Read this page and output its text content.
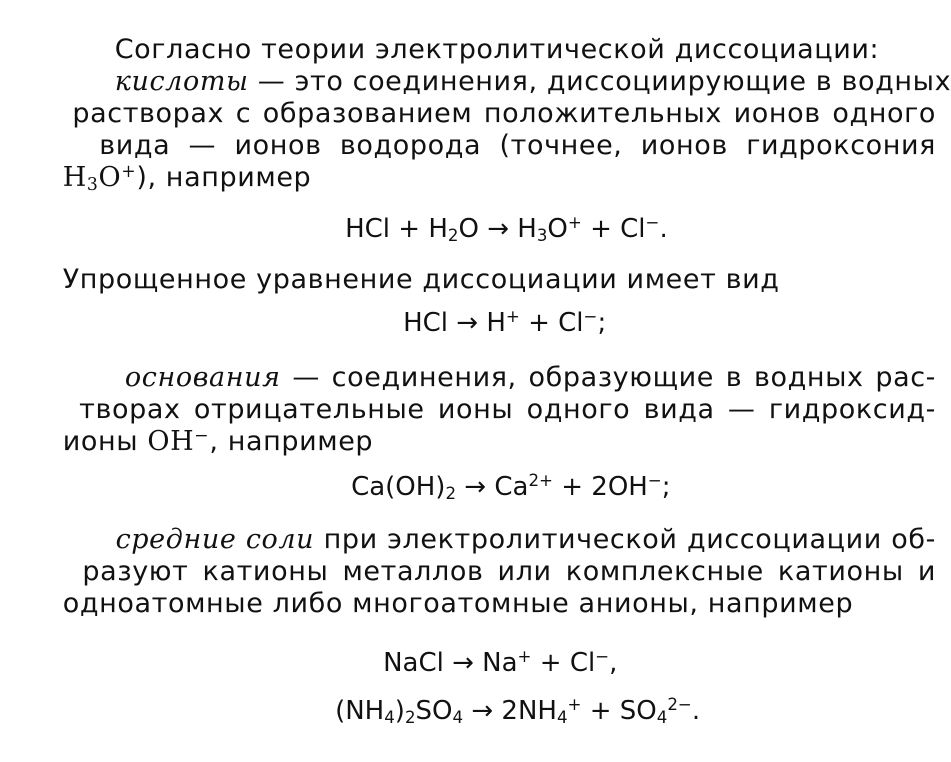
Согласно теории электролитической диссоциации:

кислоты — это соединения, диссоциирующие в водных

растворах с образованием положительных ионов одного

вида — ионов водорода (точнее, ионов гидроксония

$H_3O^+$), например

HCl + $H_2O \to H_3O^+ + Cl^-$.

Упрощенное уравнение диссоциации имеет вид

HCl → H+ + Cl−;

основания — соединения, образующие в водных рас-

творах отрицательные ионы одного вида — гидроксид-

ионы OH−, например

$Ca(OH)_2 \to Ca^{2+} + 2OH^-$;

средние соли при электролитической диссоциации об-

разуют катионы металлов или комплексные катионы и

одноатомные либо многоатомные анионы, например

NaCl → Na+ + Cl−,

$(NH_4)_2SO_4 \to 2NH_4^+ + SO_4^{2-}$.
